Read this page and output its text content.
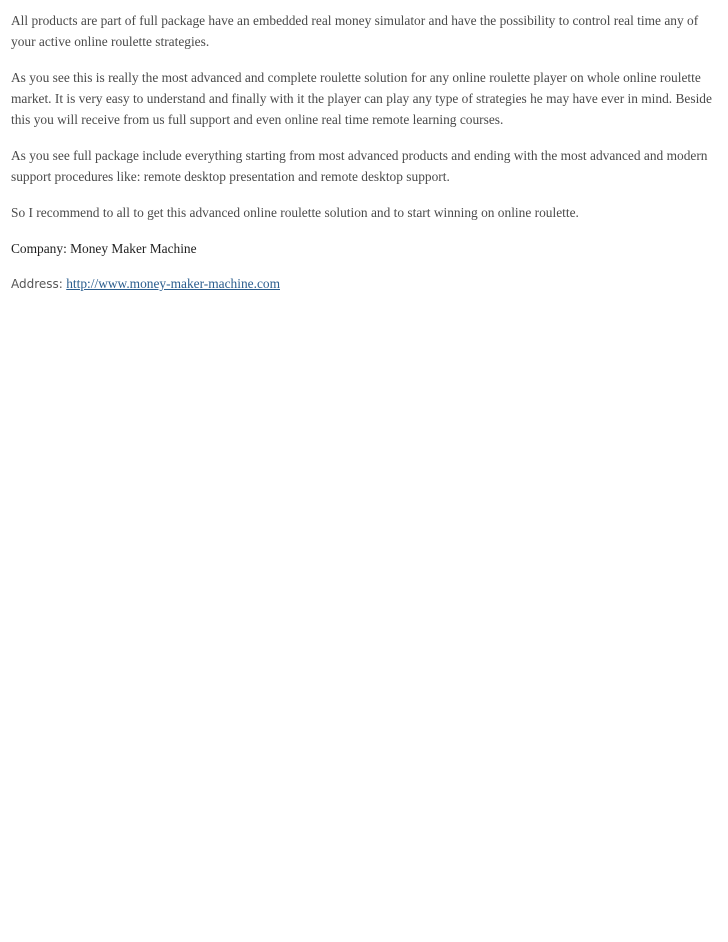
All products are part of full package have an embedded real money simulator and have the possibility to control real time any of your active online roulette strategies.

As you see this is really the most advanced and complete roulette solution for any online roulette player on whole online roulette market. It is very easy to understand and finally with it the player can play any type of strategies he may have ever in mind. Beside this you will receive from us full support and even online real time remote learning courses.

As you see full package include everything starting from most advanced products and ending with the most advanced and modern support procedures like: remote desktop presentation and remote desktop support.

So I recommend to all to get this advanced online roulette solution and to start winning on online roulette.

Company: Money Maker Machine

Address: http://www.money-maker-machine.com
